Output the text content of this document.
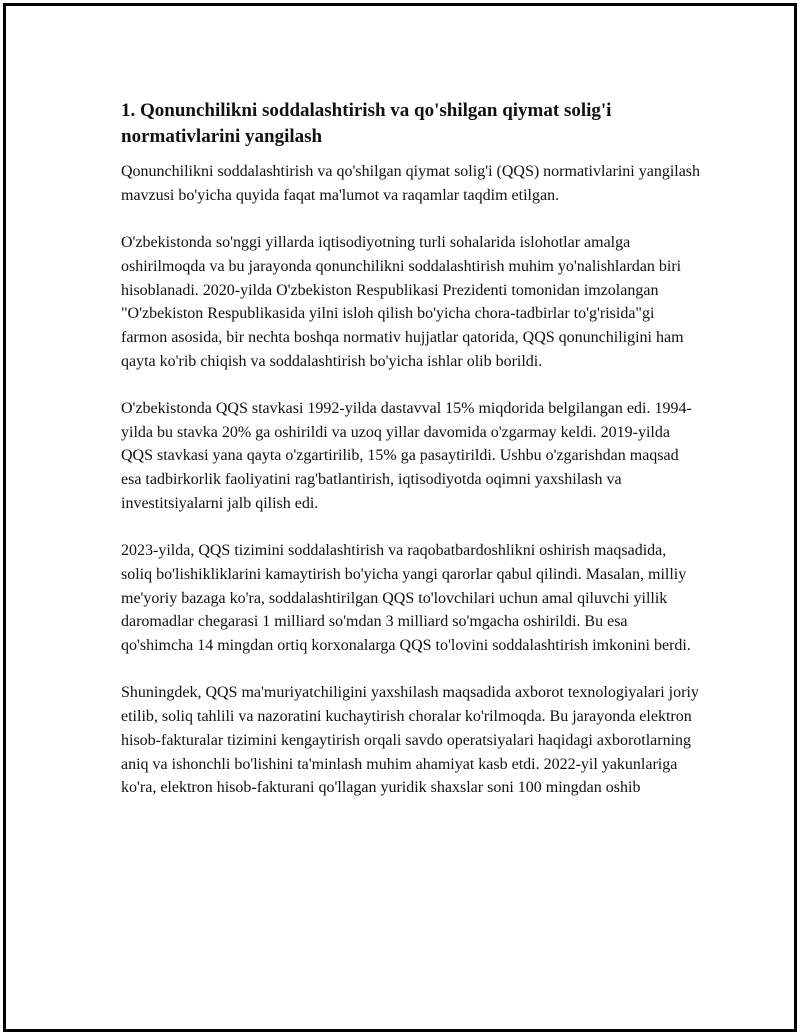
1. Qonunchilikni soddalashtirish va qo'shilgan qiymat solig'i normativlarini yangilash

Qonunchilikni soddalashtirish va qo'shilgan qiymat solig'i (QQS) normativlarini yangilash mavzusi bo'yicha quyida faqat ma'lumot va raqamlar taqdim etilgan.

O'zbekistonda so'nggi yillarda iqtisodiyotning turli sohalarida islohotlar amalga oshirilmoqda va bu jarayonda qonunchilikni soddalashtirish muhim yo'nalishlardan biri hisoblanadi. 2020-yilda O'zbekiston Respublikasi Prezidenti tomonidan imzolangan "O'zbekiston Respublikasida yilni isloh qilish bo'yicha chora-tadbirlar to'g'risida"gi farmon asosida, bir nechta boshqa normativ hujjatlar qatorida, QQS qonunchiligini ham qayta ko'rib chiqish va soddalashtirish bo'yicha ishlar olib borildi.

O'zbekistonda QQS stavkasi 1992-yilda dastavval 15% miqdorida belgilangan edi. 1994-yilda bu stavka 20% ga oshirildi va uzoq yillar davomida o'zgarmay keldi. 2019-yilda QQS stavkasi yana qayta o'zgartirilib, 15% ga pasaytirildi. Ushbu o'zgarishdan maqsad esa tadbirkorlik faoliyatini rag'batlantirish, iqtisodiyotda oqimni yaxshilash va investitsiyalarni jalb qilish edi.

2023-yilda, QQS tizimini soddalashtirish va raqobatbardoshlikni oshirish maqsadida, soliq bo'lishikliklarini kamaytirish bo'yicha yangi qarorlar qabul qilindi. Masalan, milliy me'yoriy bazaga ko'ra, soddalashtirilgan QQS to'lovchilari uchun amal qiluvchi yillik daromadlar chegarasi 1 milliard so'mdan 3 milliard so'mgacha oshirildi. Bu esa qo'shimcha 14 mingdan ortiq korxonalarga QQS to'lovini soddalashtirish imkonini berdi.

Shuningdek, QQS ma'muriyatchiligini yaxshilash maqsadida axborot texnologiyalari joriy etilib, soliq tahlili va nazoratini kuchaytirish choralar ko'rilmoqda. Bu jarayonda elektron hisob-fakturalar tizimini kengaytirish orqali savdo operatsiyalari haqidagi axborotlarning aniq va ishonchli bo'lishini ta'minlash muhim ahamiyat kasb etdi. 2022-yil yakunlariga ko'ra, elektron hisob-fakturani qo'llagan yuridik shaxslar soni 100 mingdan oshib
